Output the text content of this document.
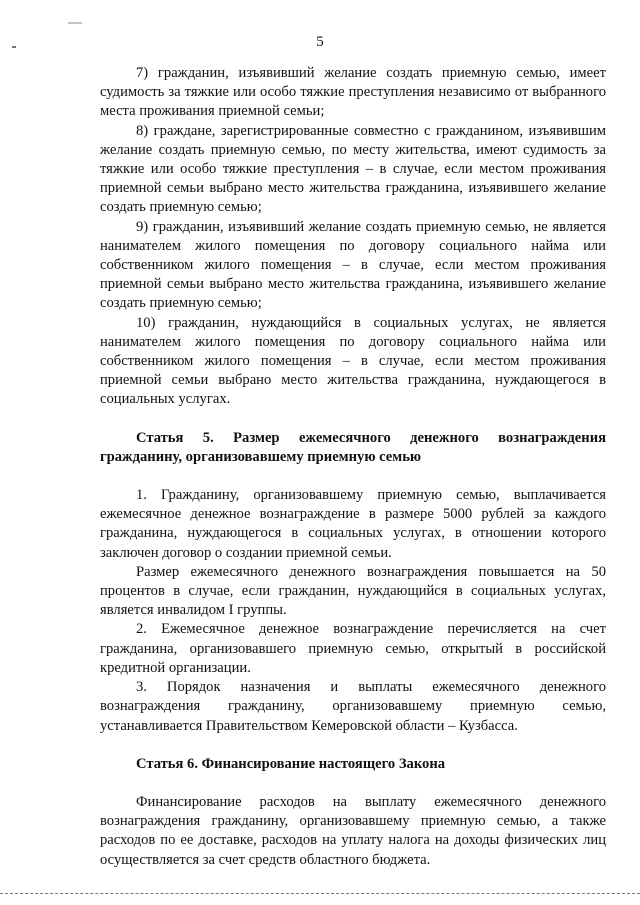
5

7) гражданин, изъявивший желание создать приемную семью, имеет судимость за тяжкие или особо тяжкие преступления независимо от выбранного места проживания приемной семьи;

8) граждане, зарегистрированные совместно с гражданином, изъявившим желание создать приемную семью, по месту жительства, имеют судимость за тяжкие или особо тяжкие преступления – в случае, если местом проживания приемной семьи выбрано место жительства гражданина, изъявившего желание создать приемную семью;

9) гражданин, изъявивший желание создать приемную семью, не является нанимателем жилого помещения по договору социального найма или собственником жилого помещения – в случае, если местом проживания приемной семьи выбрано место жительства гражданина, изъявившего желание создать приемную семью;

10) гражданин, нуждающийся в социальных услугах, не является нанимателем жилого помещения по договору социального найма или собственником жилого помещения – в случае, если местом проживания приемной семьи выбрано место жительства гражданина, нуждающегося в социальных услугах.

Статья 5. Размер ежемесячного денежного вознаграждения гражданину, организовавшему приемную семью

1. Гражданину, организовавшему приемную семью, выплачивается ежемесячное денежное вознаграждение в размере 5000 рублей за каждого гражданина, нуждающегося в социальных услугах, в отношении которого заключен договор о создании приемной семьи.

Размер ежемесячного денежного вознаграждения повышается на 50 процентов в случае, если гражданин, нуждающийся в социальных услугах, является инвалидом I группы.

2. Ежемесячное денежное вознаграждение перечисляется на счет гражданина, организовавшего приемную семью, открытый в российской кредитной организации.

3. Порядок назначения и выплаты ежемесячного денежного вознаграждения гражданину, организовавшему приемную семью, устанавливается Правительством Кемеровской области – Кузбасса.

Статья 6. Финансирование настоящего Закона

Финансирование расходов на выплату ежемесячного денежного вознаграждения гражданину, организовавшему приемную семью, а также расходов по ее доставке, расходов на уплату налога на доходы физических лиц осуществляется за счет средств областного бюджета.
